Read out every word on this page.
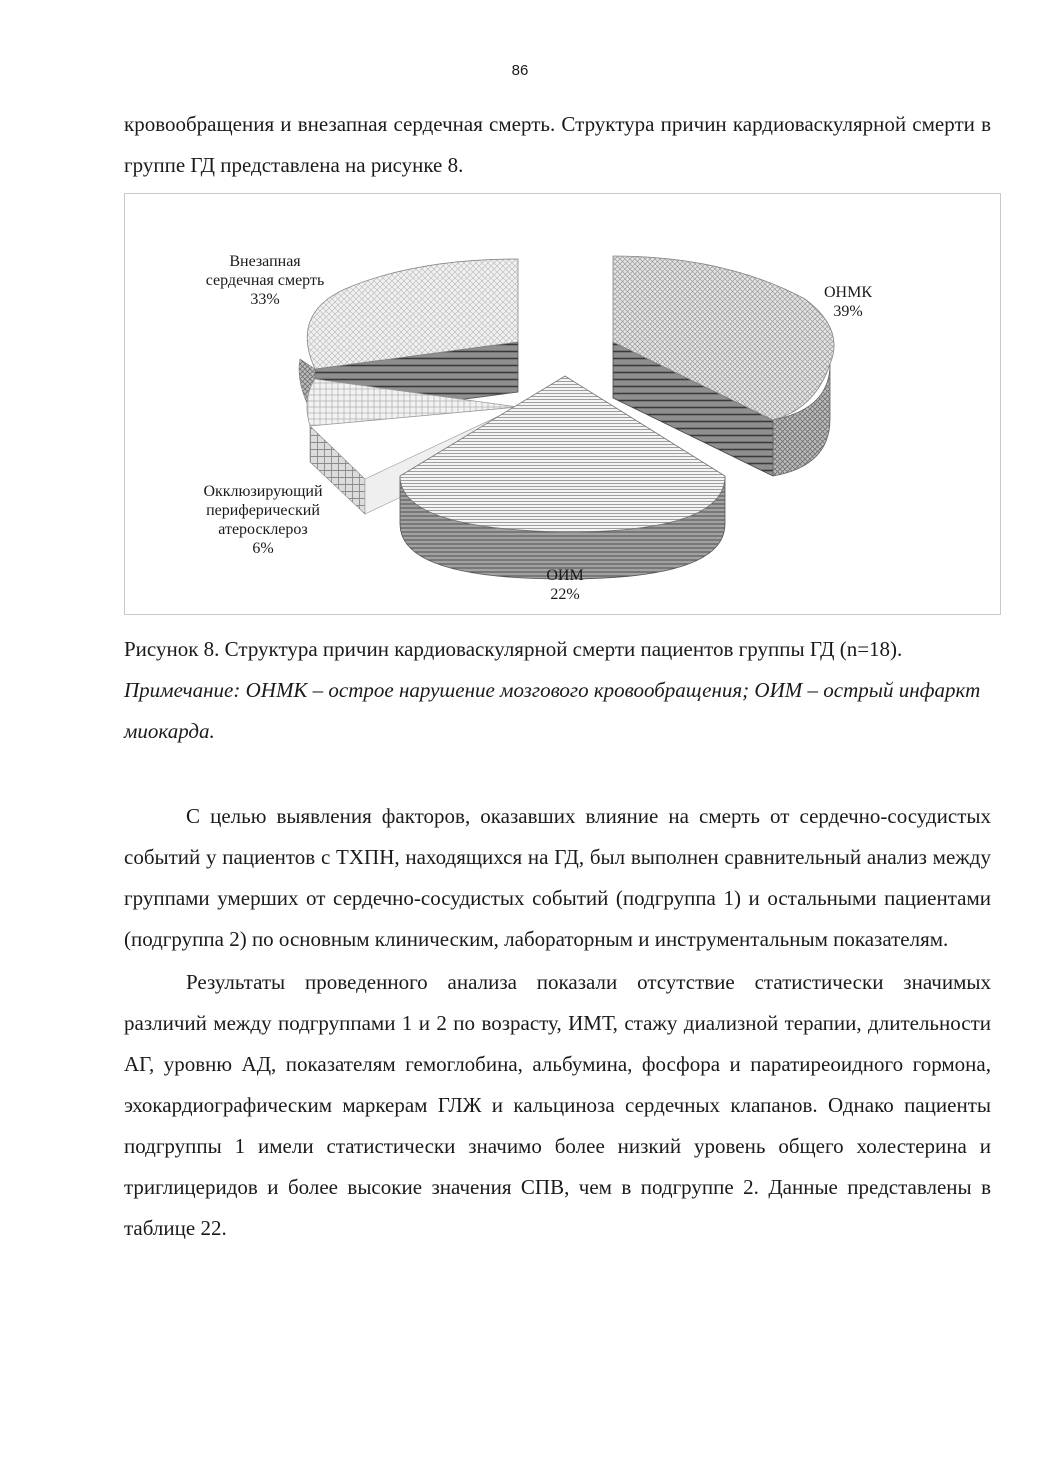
86

кровообращения и внезапная сердечная смерть. Структура причин кардиоваскулярной смерти в группе ГД представлена на рисунке 8.

Внезапная сердечная смерть
33%	ОНМК
39%
Окклюзирующий периферический атеросклероз
6%
ОИМ
22%

Рисунок 8. Структура причин кардиоваскулярной смерти пациентов группы ГД (n=18).

Примечание: ОНМК – острое нарушение мозгового кровообращения; ОИМ – острый инфаркт миокарда.

С целью выявления факторов, оказавших влияние на смерть от сердечно-сосудистых событий у пациентов с ТХПН, находящихся на ГД, был выполнен сравнительный анализ между группами умерших от сердечно-сосудистых событий (подгруппа 1) и остальными пациентами (подгруппа 2) по основным клиническим, лабораторным и инструментальным показателям.

Результаты проведенного анализа показали отсутствие статистически значимых различий между подгруппами 1 и 2 по возрасту, ИМТ, стажу диализной терапии, длительности АГ, уровню АД, показателям гемоглобина, альбумина, фосфора и паратиреоидного гормона, эхокардиографическим маркерам ГЛЖ и кальциноза сердечных клапанов. Однако пациенты подгруппы 1 имели статистически значимо более низкий уровень общего холестерина и триглицеридов и более высокие значения СПВ, чем в подгруппе 2. Данные представлены в таблице 22.
